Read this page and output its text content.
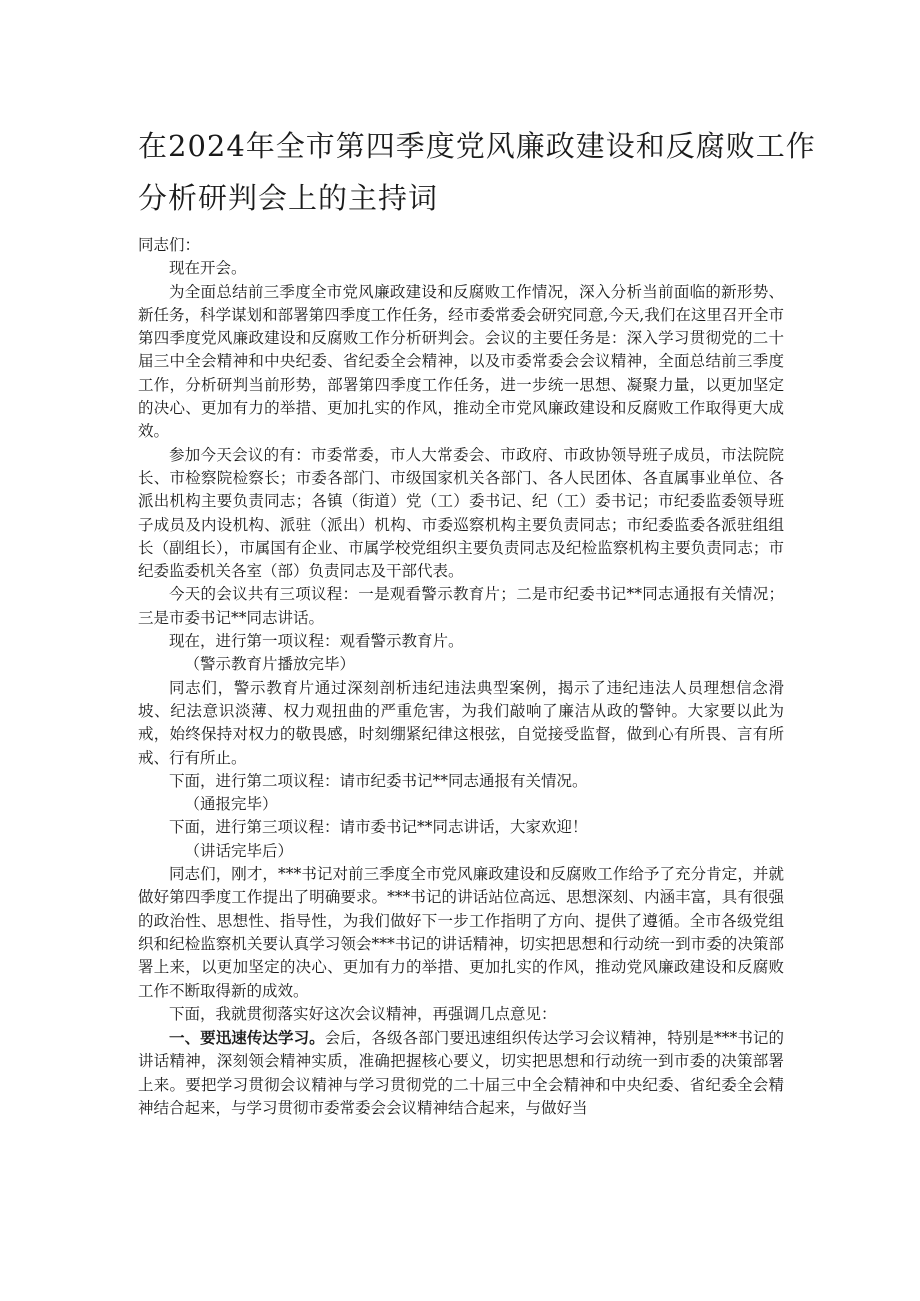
在2024年全市第四季度党风廉政建设和反腐败工作
分析研判会上的主持词

同志们：

现在开会。

为全面总结前三季度全市党风廉政建设和反腐败工作情况，深入分析当前面临的新形势、新任务，科学谋划和部署第四季度工作任务，经市委常委会研究同意,今天,我们在这里召开全市第四季度党风廉政建设和反腐败工作分析研判会。会议的主要任务是：深入学习贯彻党的二十届三中全会精神和中央纪委、省纪委全会精神，以及市委常委会会议精神，全面总结前三季度工作，分析研判当前形势，部署第四季度工作任务，进一步统一思想、凝聚力量，以更加坚定的决心、更加有力的举措、更加扎实的作风，推动全市党风廉政建设和反腐败工作取得更大成效。

参加今天会议的有：市委常委，市人大常委会、市政府、市政协领导班子成员，市法院院长、市检察院检察长；市委各部门、市级国家机关各部门、各人民团体、各直属事业单位、各派出机构主要负责同志；各镇（街道）党（工）委书记、纪（工）委书记；市纪委监委领导班子成员及内设机构、派驻（派出）机构、市委巡察机构主要负责同志；市纪委监委各派驻组组长（副组长），市属国有企业、市属学校党组织主要负责同志及纪检监察机构主要负责同志；市纪委监委机关各室（部）负责同志及干部代表。

今天的会议共有三项议程：一是观看警示教育片；二是市纪委书记**同志通报有关情况；三是市委书记**同志讲话。

现在，进行第一项议程：观看警示教育片。

（警示教育片播放完毕）

同志们，警示教育片通过深刻剖析违纪违法典型案例，揭示了违纪违法人员理想信念滑坡、纪法意识淡薄、权力观扭曲的严重危害，为我们敲响了廉洁从政的警钟。大家要以此为戒，始终保持对权力的敬畏感，时刻绷紧纪律这根弦，自觉接受监督，做到心有所畏、言有所戒、行有所止。

下面，进行第二项议程：请市纪委书记**同志通报有关情况。

（通报完毕）

下面，进行第三项议程：请市委书记**同志讲话，大家欢迎！

（讲话完毕后）

同志们，刚才，***书记对前三季度全市党风廉政建设和反腐败工作给予了充分肯定，并就做好第四季度工作提出了明确要求。***书记的讲话站位高远、思想深刻、内涵丰富，具有很强的政治性、思想性、指导性，为我们做好下一步工作指明了方向、提供了遵循。全市各级党组织和纪检监察机关要认真学习领会***书记的讲话精神，切实把思想和行动统一到市委的决策部署上来，以更加坚定的决心、更加有力的举措、更加扎实的作风，推动党风廉政建设和反腐败工作不断取得新的成效。

下面，我就贯彻落实好这次会议精神，再强调几点意见：

一、要迅速传达学习。会后，各级各部门要迅速组织传达学习会议精神，特别是***书记的讲话精神，深刻领会精神实质，准确把握核心要义，切实把思想和行动统一到市委的决策部署上来。要把学习贯彻会议精神与学习贯彻党的二十届三中全会精神和中央纪委、省纪委全会精神结合起来，与学习贯彻市委常委会会议精神结合起来，与做好当
